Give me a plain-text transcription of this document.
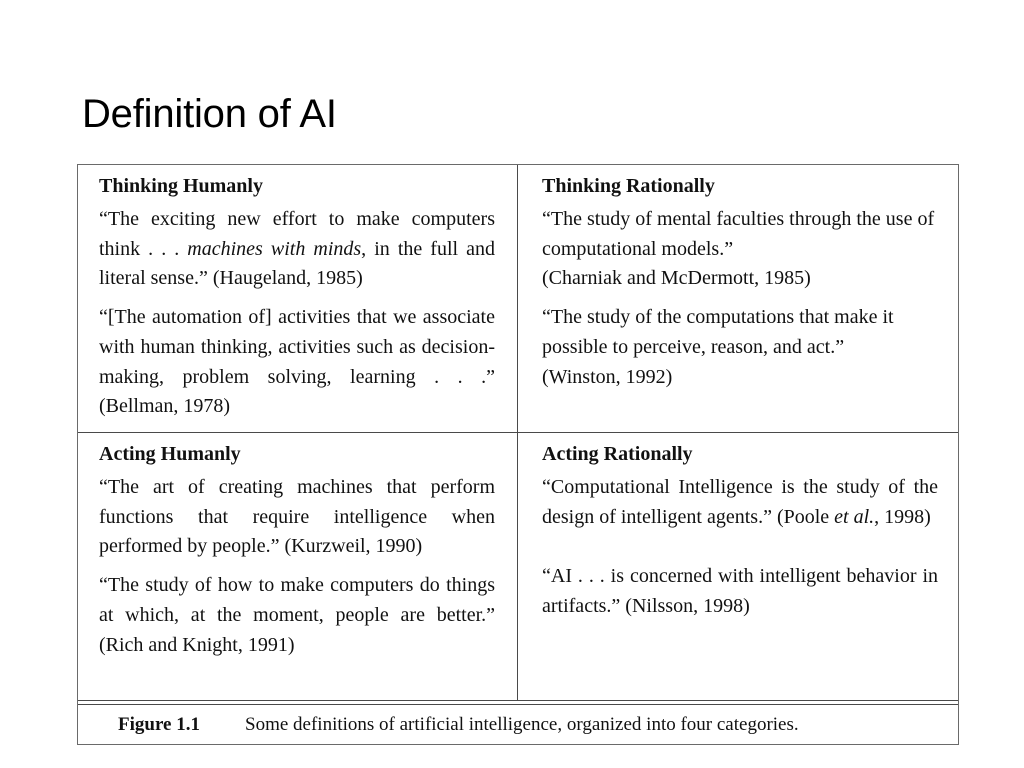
Definition of AI

Thinking Humanly

“The exciting new effort to make computers think . . . machines with minds, in the full and literal sense.” (Haugeland, 1985)

“[The automation of] activities that we associate with human thinking, activities such as decision-making, problem solving, learning . . .” (Bellman, 1978)

Thinking Rationally

“The study of mental faculties through the use of computational models.”
(Charniak and McDermott, 1985)

“The study of the computations that make it possible to perceive, reason, and act.”
(Winston, 1992)

Acting Humanly

“The art of creating machines that perform functions that require intelligence when performed by people.” (Kurzweil, 1990)

“The study of how to make computers do things at which, at the moment, people are better.” (Rich and Knight, 1991)

Acting Rationally

“Computational Intelligence is the study of the design of intelligent agents.” (Poole et al., 1998)

“AI . . . is concerned with intelligent behavior in artifacts.” (Nilsson, 1998)

Figure 1.1 Some definitions of artificial intelligence, organized into four categories.
